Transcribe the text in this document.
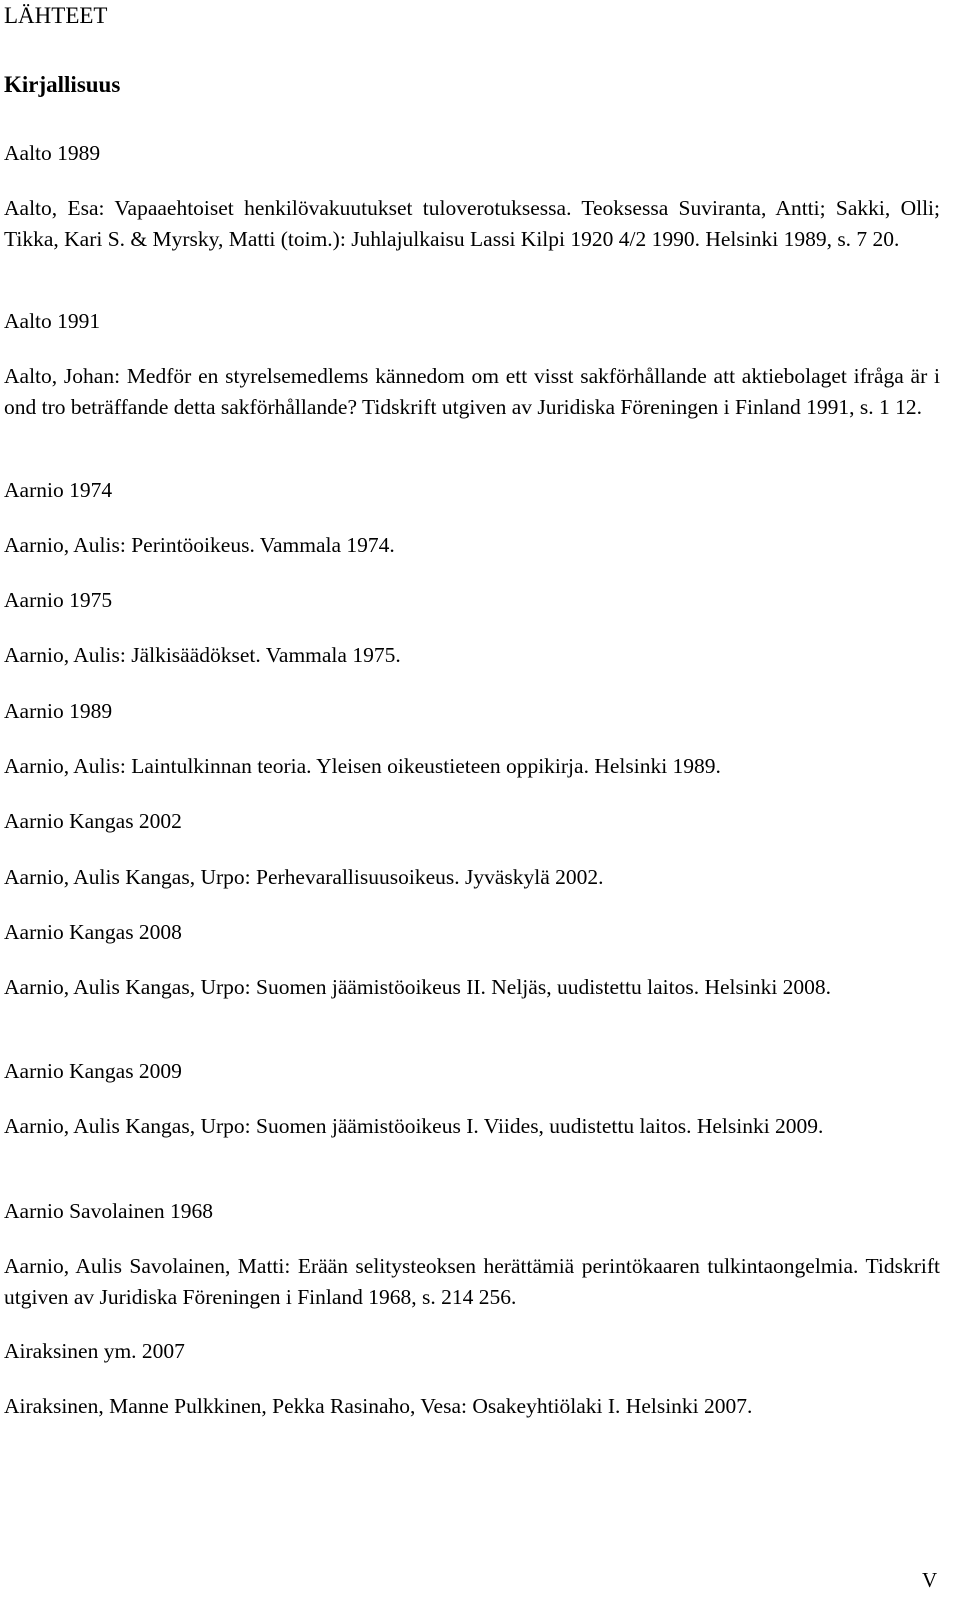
LÄHTEET
Kirjallisuus
Aalto 1989
Aalto, Esa: Vapaaehtoiset henkilövakuutukset tuloverotuksessa. Teoksessa Suviranta, Antti; Sakki, Olli; Tikka, Kari S. & Myrsky, Matti (toim.): Juhlajulkaisu Lassi Kilpi 1920 4/2 1990. Helsinki 1989, s. 7 20.
Aalto 1991
Aalto, Johan: Medför en styrelsemedlems kännedom om ett visst sakförhållande att aktiebolaget ifråga är i ond tro beträffande detta sakförhållande? Tidskrift utgiven av Juridiska Föreningen i Finland 1991, s. 1 12.
Aarnio 1974
Aarnio, Aulis: Perintöoikeus. Vammala 1974.
Aarnio 1975
Aarnio, Aulis: Jälkisäädökset. Vammala 1975.
Aarnio 1989
Aarnio, Aulis: Laintulkinnan teoria. Yleisen oikeustieteen oppikirja. Helsinki 1989.
Aarnio Kangas 2002
Aarnio, Aulis Kangas, Urpo: Perhevarallisuusoikeus. Jyväskylä 2002.
Aarnio Kangas 2008
Aarnio, Aulis Kangas, Urpo: Suomen jäämistöoikeus II. Neljäs, uudistettu laitos. Helsinki 2008.
Aarnio Kangas 2009
Aarnio, Aulis Kangas, Urpo: Suomen jäämistöoikeus I. Viides, uudistettu laitos. Helsinki 2009.
Aarnio Savolainen 1968
Aarnio, Aulis Savolainen, Matti: Erään selitysteoksen herättämiä perintökaaren tulkintaongelmia. Tidskrift utgiven av Juridiska Föreningen i Finland 1968, s. 214 256.
Airaksinen ym. 2007
Airaksinen, Manne Pulkkinen, Pekka Rasinaho, Vesa: Osakeyhtiölaki I. Helsinki 2007.
V
